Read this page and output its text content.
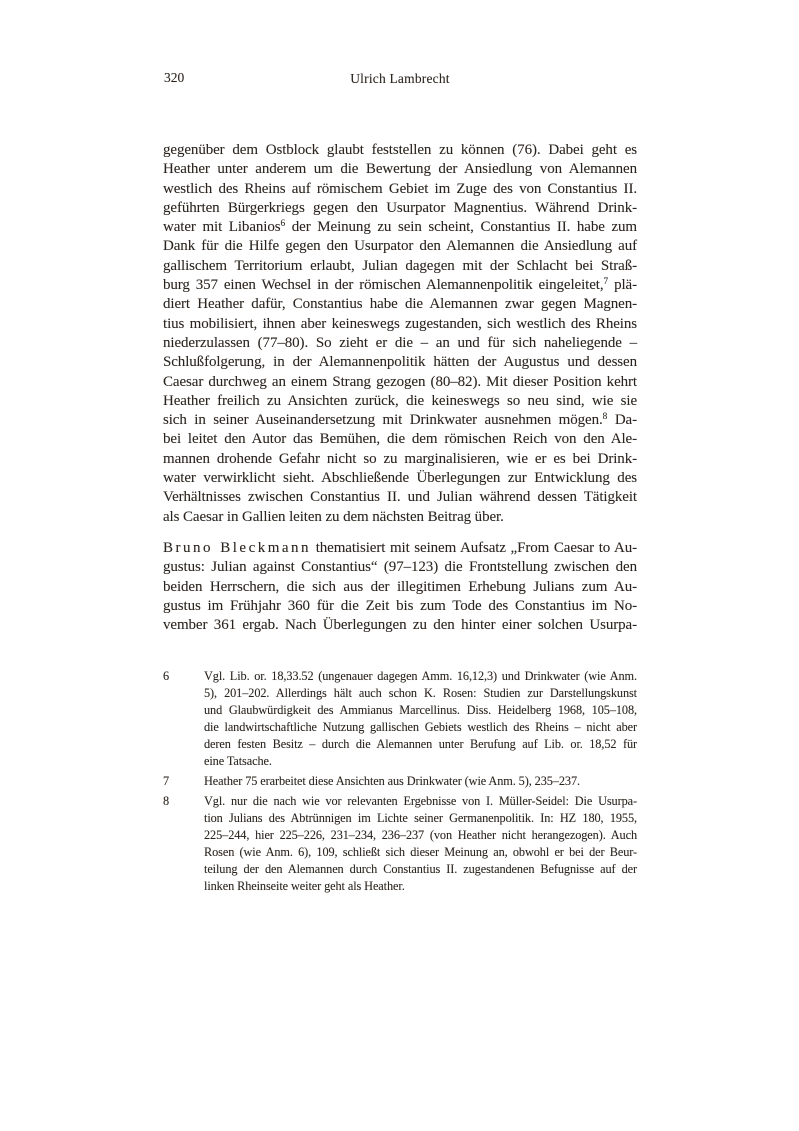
320	Ulrich Lambrecht
gegenüber dem Ostblock glaubt feststellen zu können (76). Dabei geht es
Heather unter anderem um die Bewertung der Ansiedlung von Alemannen
westlich des Rheins auf römischem Gebiet im Zuge des von Constantius II.
geführten Bürgerkriegs gegen den Usurpator Magnentius. Während Drink-
water mit Libanios$^6$ der Meinung zu sein scheint, Constantius II. habe zum
Dank für die Hilfe gegen den Usurpator den Alemannen die Ansiedlung auf
gallischem Territorium erlaubt, Julian dagegen mit der Schlacht bei Straß-
burg 357 einen Wechsel in der römischen Alemannenpolitik eingeleitet,$^7$ plä-
diert Heather dafür, Constantius habe die Alemannen zwar gegen Magnen-
tius mobilisiert, ihnen aber keineswegs zugestanden, sich westlich des Rheins
niederzulassen (77–80). So zieht er die – an und für sich naheliegende –
Schlußfolgerung, in der Alemannenpolitik hätten der Augustus und dessen
Caesar durchweg an einem Strang gezogen (80–82). Mit dieser Position kehrt
Heather freilich zu Ansichten zurück, die keineswegs so neu sind, wie sie
sich in seiner Auseinandersetzung mit Drinkwater ausnehmen mögen.$^8$ Da-
bei leitet den Autor das Bemühen, die dem römischen Reich von den Ale-
mannen drohende Gefahr nicht so zu marginalisieren, wie er es bei Drink-
water verwirklicht sieht. Abschließende Überlegungen zur Entwicklung des
Verhältnisses zwischen Constantius II. und Julian während dessen Tätigkeit
als Caesar in Gallien leiten zu dem nächsten Beitrag über.
Bruno Bleckmann thematisiert mit seinem Aufsatz „From Caesar to Au-
gustus: Julian against Constantius“ (97–123) die Frontstellung zwischen den
beiden Herrschern, die sich aus der illegitimen Erhebung Julians zum Au-
gustus im Frühjahr 360 für die Zeit bis zum Tode des Constantius im No-
vember 361 ergab. Nach Überlegungen zu den hinter einer solchen Usurpa-
6	Vgl. Lib. or. 18,33.52 (ungenauer dagegen Amm. 16,12,3) und Drinkwater (wie Anm.
5), 201–202. Allerdings hält auch schon K. Rosen: Studien zur Darstellungskunst
und Glaubwürdigkeit des Ammianus Marcellinus. Diss. Heidelberg 1968, 105–108,
die landwirtschaftliche Nutzung gallischen Gebiets westlich des Rheins – nicht aber
deren festen Besitz – durch die Alemannen unter Berufung auf Lib. or. 18,52 für
eine Tatsache.
7	Heather 75 erarbeitet diese Ansichten aus Drinkwater (wie Anm. 5), 235–237.
8	Vgl. nur die nach wie vor relevanten Ergebnisse von I. Müller-Seidel: Die Usurpa-
tion Julians des Abtrünnigen im Lichte seiner Germanenpolitik. In: HZ 180, 1955,
225–244, hier 225–226, 231–234, 236–237 (von Heather nicht herangezogen). Auch
Rosen (wie Anm. 6), 109, schließt sich dieser Meinung an, obwohl er bei der Beur-
teilung der den Alemannen durch Constantius II. zugestandenen Befugnisse auf der
linken Rheinseite weiter geht als Heather.
